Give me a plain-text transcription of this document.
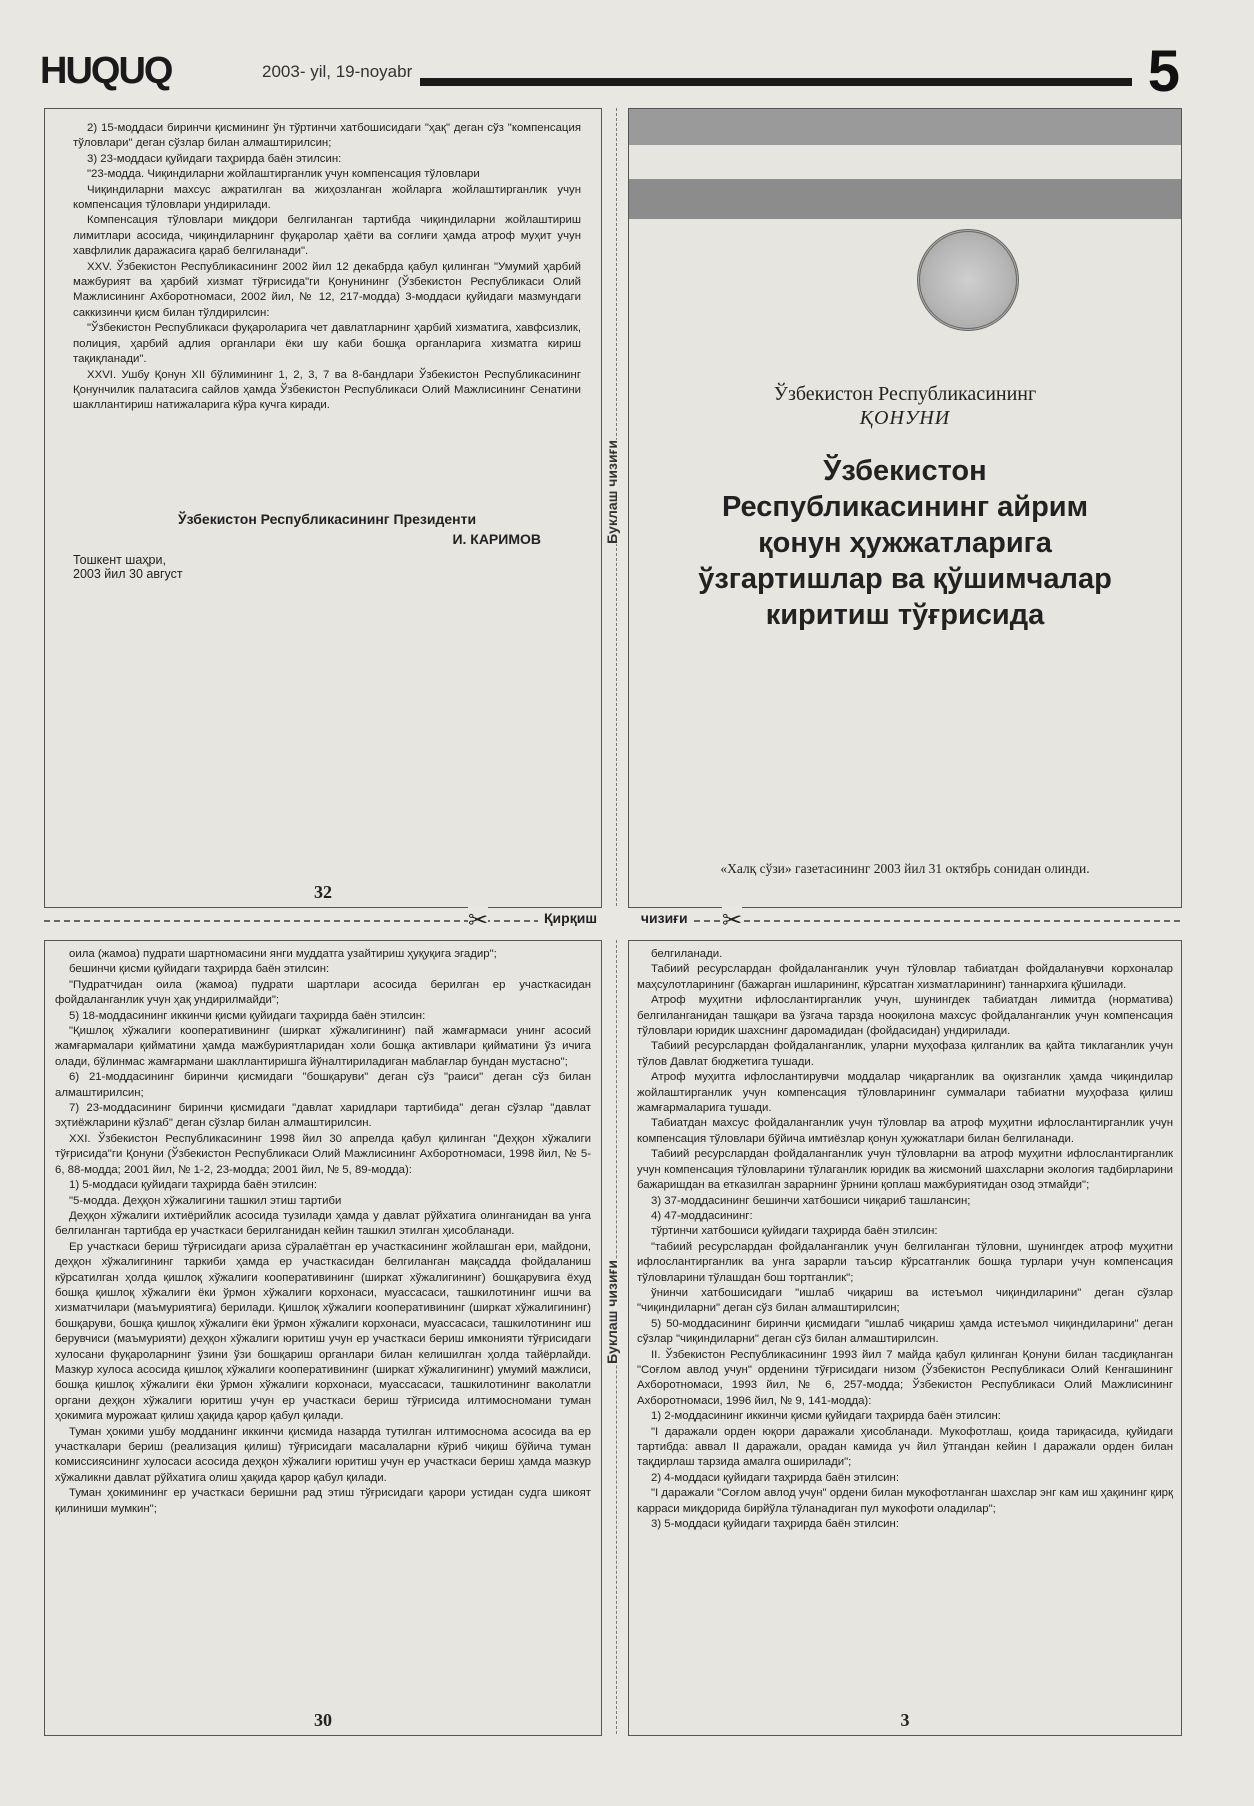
HUQUQ	2003- yil, 19-noyabr	5

2) 15-моддаси биринчи қисмининг ўн тўртинчи хатбошисидаги "ҳақ" деган сўз "компенсация тўловлари" деган сўзлар билан алмаштирилсин;

3) 23-моддаси қуйидаги таҳрирда баён этилсин:

"23-модда. Чиқиндиларни жойлаштирганлик учун компенсация тўловлари

Чиқиндиларни махсус ажратилган ва жиҳозланган жойларга жойлаштирганлик учун компенсация тўловлари ундирилади.

Компенсация тўловлари миқдори белгиланган тартибда чиқиндиларни жойлаштириш лимитлари асосида, чиқиндиларнинг фуқаролар ҳаёти ва соғлиғи ҳамда атроф муҳит учун хавфлилик даражасига қараб белгиланади".

XXV. Ўзбекистон Республикасининг 2002 йил 12 декабрда қабул қилинган "Умумий ҳарбий мажбурият ва ҳарбий хизмат тўғрисида"ги Қонунининг (Ўзбекистон Республикаси Олий Мажлисининг Ахборотномаси, 2002 йил, № 12, 217-модда) 3-моддаси қуйидаги мазмундаги саккизинчи қисм билан тўлдирилсин:

"Ўзбекистон Республикаси фуқароларига чет давлатларнинг ҳарбий хизматига, хавфсизлик, полиция, ҳарбий адлия органлари ёки шу каби бошқа органларига хизматга кириш тақиқланади".

XXVI. Ушбу Қонун XII бўлимининг 1, 2, 3, 7 ва 8-бандлари Ўзбекистон Республикасининг Қонунчилик палатасига сайлов ҳамда Ўзбекистон Республикаси Олий Мажлисининг Сенатини шакллантириш натижаларига кўра кучга киради.

Ўзбекистон Республикасининг Президенти
И. КАРИМОВ
Тошкент шаҳри,
2003 йил 30 август
32
Буклаш чизиғи
Ўзбекистон Республикасининг
ҚОНУНИ
Ўзбекистон Республикасининг айрим қонун ҳужжатларига ўзгартишлар ва қўшимчалар киритиш тўғрисида
«Халқ сўзи» газетасининг 2003 йил 31 октябрь сонидан олинди.
✂	Қирқиш чизиғи ✂

оила (жамоа) пудрати шартномасини янги муддатга узайтириш ҳуқуқига эгадир";

бешинчи қисми қуйидаги таҳрирда баён этилсин:

"Пудратчидан оила (жамоа) пудрати шартлари асосида берилган ер участкасидан фойдаланганлик учун ҳақ ундирилмайди";

5) 18-моддасининг иккинчи қисми қуйидаги таҳрирда баён этилсин:

"Қишлоқ хўжалиги кооперативининг (ширкат хўжалигининг) пай жамғармаси унинг асосий жамғармалари қийматини ҳамда мажбуриятларидан холи бошқа активлари қийматини ўз ичига олади, бўлинмас жамғармани шакллантиришга йўналтириладиган маблағлар бундан мустасно";

6) 21-моддасининг биринчи қисмидаги "бошқаруви" деган сўз "раиси" деган сўз билан алмаштирилсин;

7) 23-моддасининг биринчи қисмидаги "давлат харидлари тартибида" деган сўзлар "давлат эҳтиёжларини кўзлаб" деган сўзлар билан алмаштирилсин.

XXI. Ўзбекистон Республикасининг 1998 йил 30 апрелда қабул қилинган "Деҳқон хўжалиги тўғрисида"ги Қонуни (Ўзбекистон Республикаси Олий Мажлисининг Ахборотномаси, 1998 йил, № 5-6, 88-модда; 2001 йил, № 1-2, 23-модда; 2001 йил, № 5, 89-модда):

1) 5-моддаси қуйидаги таҳрирда баён этилсин:

"5-модда. Деҳқон хўжалигини ташкил этиш тартиби

Деҳқон хўжалиги ихтиёрийлик асосида тузилади ҳамда у давлат рўйхатига олинганидан ва унга белгиланган тартибда ер участкаси берилганидан кейин ташкил этилган ҳисобланади.

Ер участкаси бериш тўғрисидаги ариза сўралаётган ер участкасининг жойлашган ери, майдони, деҳқон хўжалигининг таркиби ҳамда ер участкасидан белгиланган мақсадда фойдаланиш кўрсатилган ҳолда қишлоқ хўжалиги кооперативининг (ширкат хўжалигининг) бошқарувига ёхуд бошқа қишлоқ хўжалиги ёки ўрмон хўжалиги корхонаси, муассасаси, ташкилотининг ишчи ва хизматчилари (маъмуриятига) берилади. Қишлоқ хўжалиги кооперативининг (ширкат хўжалигининг) бошқаруви, бошқа қишлоқ хўжалиги ёки ўрмон хўжалиги корхонаси, муассасаси, ташкилотининг иш берувчиси (маъмурияти) деҳқон хўжалиги юритиш учун ер участкаси бериш имконияти тўғрисидаги хулосани фуқароларнинг ўзини ўзи бошқариш органлари билан келишилган ҳолда тайёрлайди. Мазкур хулоса асосида қишлоқ хўжалиги кооперативининг (ширкат хўжалигининг) умумий мажлиси, бошқа қишлоқ хўжалиги ёки ўрмон хўжалиги корхонаси, муассасаси, ташкилотининг ваколатли органи деҳқон хўжалиги юритиш учун ер участкаси бериш тўғрисида илтимосномани туман ҳокимига мурожаат қилиш ҳақида қарор қабул қилади.

Туман ҳокими ушбу модданинг иккинчи қисмида назарда тутилган илтимоснома асосида ва ер участкалари бериш (реализация қилиш) тўғрисидаги масалаларни кўриб чиқиш бўйича туман комиссиясининг хулосаси асосида деҳқон хўжалиги юритиш учун ер участкаси бериш ҳамда мазкур хўжаликни давлат рўйхатига олиш ҳақида қарор қабул қилади.

Туман ҳокимининг ер участкаси беришни рад этиш тўғрисидаги қарори устидан судга шикоят қилиниши мумкин";

30
Буклаш чизиғи

белгиланади.

Табиий ресурслардан фойдаланганлик учун тўловлар табиатдан фойдаланувчи корхоналар маҳсулотларининг (бажарган ишларининг, кўрсатган хизматларининг) таннархига қўшилади.

Атроф муҳитни ифлослантирганлик учун, шунингдек табиатдан лимитда (норматива) белгиланганидан ташқари ва ўзгача тарзда нооқилона махсус фойдаланганлик учун компенсация тўловлари юридик шахснинг даромадидан (фойдасидан) ундирилади.

Табиий ресурслардан фойдаланганлик, уларни муҳофаза қилганлик ва қайта тиклаганлик учун тўлов Давлат бюджетига тушади.

Атроф муҳитга ифлослантирувчи моддалар чиқарганлик ва оқизганлик ҳамда чиқиндилар жойлаштирганлик учун компенсация тўловларининг суммалари табиатни муҳофаза қилиш жамғармаларига тушади.

Табиатдан махсус фойдаланганлик учун тўловлар ва атроф муҳитни ифлослантирганлик учун компенсация тўловлари бўйича имтиёзлар қонун ҳужжатлари билан белгиланади.

Табиий ресурслардан фойдаланганлик учун тўловларни ва атроф муҳитни ифлослантирганлик учун компенсация тўловларини тўлаганлик юридик ва жисмоний шахсларни экология тадбирларини бажаришдан ва етказилган зарарнинг ўрнини қоплаш мажбуриятидан озод этмайди";

3) 37-моддасининг бешинчи хатбошиси чиқариб ташлансин;

4) 47-моддасининг:

тўртинчи хатбошиси қуйидаги таҳрирда баён этилсин:

"табиий ресурслардан фойдаланганлик учун белгиланган тўловни, шунингдек атроф муҳитни ифлослантирганлик ва унга зарарли таъсир кўрсатганлик бошқа турлари учун компенсация тўловларини тўлашдан бош тортганлик";

ўнинчи хатбошисидаги "ишлаб чиқариш ва истеъмол чиқиндиларини" деган сўзлар "чиқиндиларни" деган сўз билан алмаштирилсин;

5) 50-моддасининг биринчи қисмидаги "ишлаб чиқариш ҳамда истеъмол чиқиндиларини" деган сўзлар "чиқиндиларни" деган сўз билан алмаштирилсин.

II. Ўзбекистон Республикасининг 1993 йил 7 майда қабул қилинган Қонуни билан тасдиқланган "Соғлом авлод учун" орденини тўғрисидаги низом (Ўзбекистон Республикаси Олий Кенгашининг Ахборотномаси, 1993 йил, № 6, 257-модда; Ўзбекистон Республикаси Олий Мажлисининг Ахборотномаси, 1996 йил, № 9, 141-модда):

1) 2-моддасининг иккинчи қисми қуйидаги таҳрирда баён этилсин:

"I даражали орден юқори даражали ҳисобланади. Мукофотлаш, қоида тариқасида, қуйидаги тартибда: аввал II даражали, орадан камида уч йил ўтгандан кейин I даражали орден билан тақдирлаш тарзида амалга оширилади";

2) 4-моддаси қуйидаги таҳрирда баён этилсин:

"I даражали "Соғлом авлод учун" ордени билан мукофотланган шахслар энг кам иш ҳақининг қирқ карраси миқдорида бирйўла тўланадиган пул мукофоти оладилар";

3) 5-моддаси қуйидаги таҳрирда баён этилсин:

3
